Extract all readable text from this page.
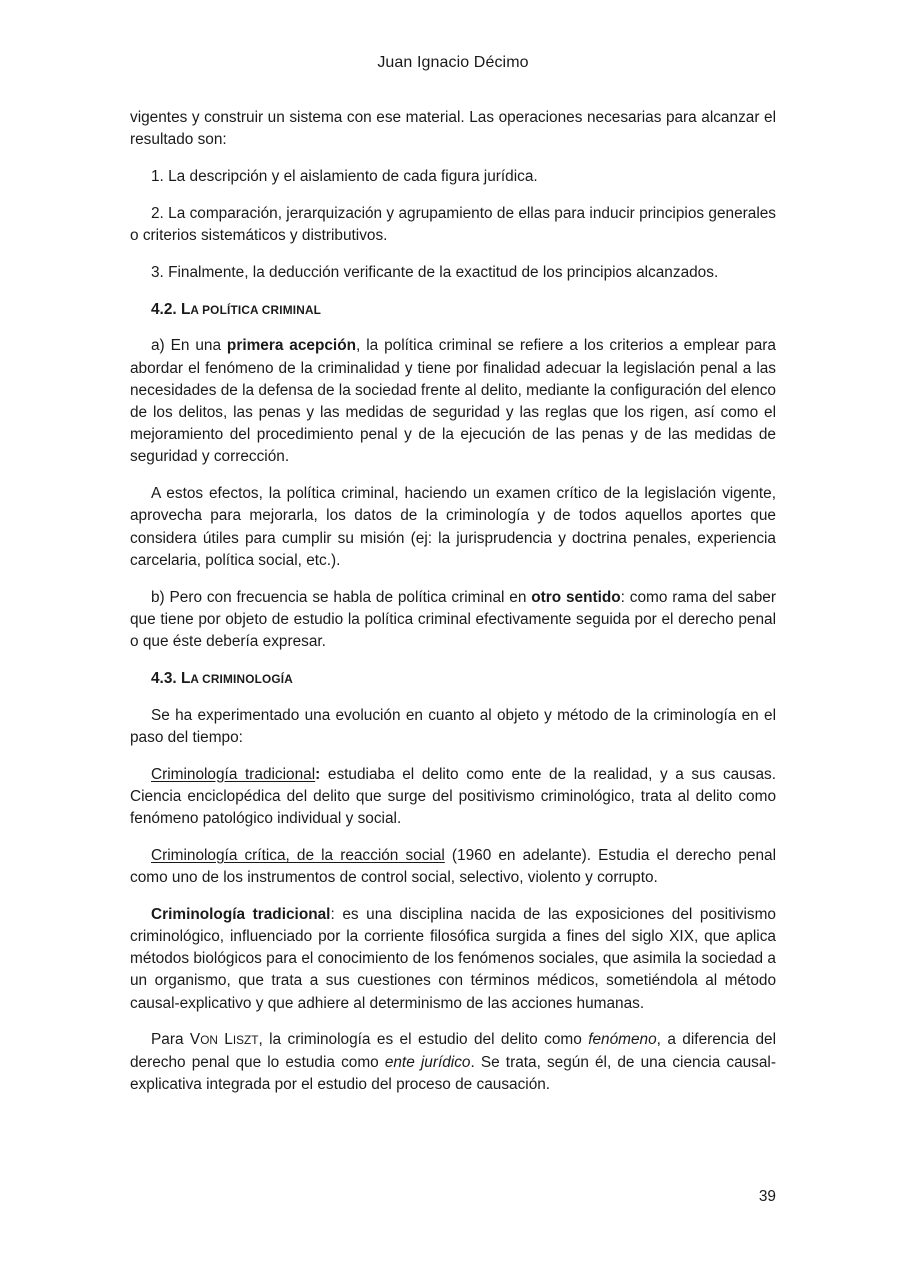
Juan Ignacio Décimo

vigentes y construir un sistema con ese material. Las operaciones necesarias para alcanzar el resultado son:

1. La descripción y el aislamiento de cada figura jurídica.

2. La comparación, jerarquización y agrupamiento de ellas para inducir principios generales o criterios sistemáticos y distributivos.

3. Finalmente, la deducción verificante de la exactitud de los principios alcanzados.

4.2. LA POLÍTICA CRIMINAL

a) En una primera acepción, la política criminal se refiere a los criterios a emplear para abordar el fenómeno de la criminalidad y tiene por finalidad adecuar la legislación penal a las necesidades de la defensa de la sociedad frente al delito, mediante la configuración del elenco de los delitos, las penas y las medidas de seguridad y las reglas que los rigen, así como el mejoramiento del procedimiento penal y de la ejecución de las penas y de las medidas de seguridad y corrección.

A estos efectos, la política criminal, haciendo un examen crítico de la legislación vigente, aprovecha para mejorarla, los datos de la criminología y de todos aquellos aportes que considera útiles para cumplir su misión (ej: la jurisprudencia y doctrina penales, experiencia carcelaria, política social, etc.).

b) Pero con frecuencia se habla de política criminal en otro sentido: como rama del saber que tiene por objeto de estudio la política criminal efectivamente seguida por el derecho penal o que éste debería expresar.

4.3. LA CRIMINOLOGÍA

Se ha experimentado una evolución en cuanto al objeto y método de la criminología en el paso del tiempo:

Criminología tradicional: estudiaba el delito como ente de la realidad, y a sus causas. Ciencia enciclopédica del delito que surge del positivismo criminológico, trata al delito como fenómeno patológico individual y social.

Criminología crítica, de la reacción social (1960 en adelante). Estudia el derecho penal como uno de los instrumentos de control social, selectivo, violento y corrupto.

Criminología tradicional: es una disciplina nacida de las exposiciones del positivismo criminológico, influenciado por la corriente filosófica surgida a fines del siglo XIX, que aplica métodos biológicos para el conocimiento de los fenómenos sociales, que asimila la sociedad a un organismo, que trata a sus cuestiones con términos médicos, sometiéndola al método causal-explicativo y que adhiere al determinismo de las acciones humanas.

Para VON LISZT, la criminología es el estudio del delito como fenómeno, a diferencia del derecho penal que lo estudia como ente jurídico. Se trata, según él, de una ciencia causal-explicativa integrada por el estudio del proceso de causación.

39
